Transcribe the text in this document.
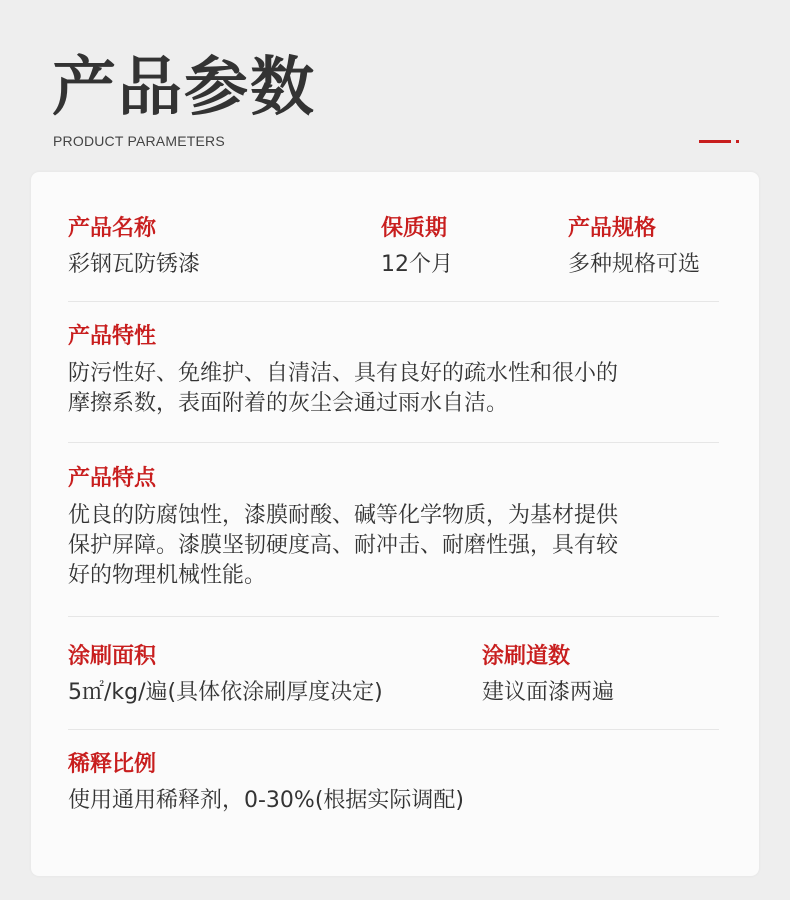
产品参数
PRODUCT PARAMETERS
产品名称
彩钢瓦防锈漆
保质期
12个月
产品规格
多种规格可选
产品特性
防污性好、免维护、自清洁、具有良好的疏水性和很小的
摩擦系数，表面附着的灰尘会通过雨水自洁。
产品特点
优良的防腐蚀性，漆膜耐酸、碱等化学物质，为基材提供
保护屏障。漆膜坚韧硬度高、耐冲击、耐磨性强，具有较
好的物理机械性能。
涂刷面积
5㎡/kg/遍(具体依涂刷厚度决定)
涂刷道数
建议面漆两遍
稀释比例
使用通用稀释剂，0-30%(根据实际调配)
